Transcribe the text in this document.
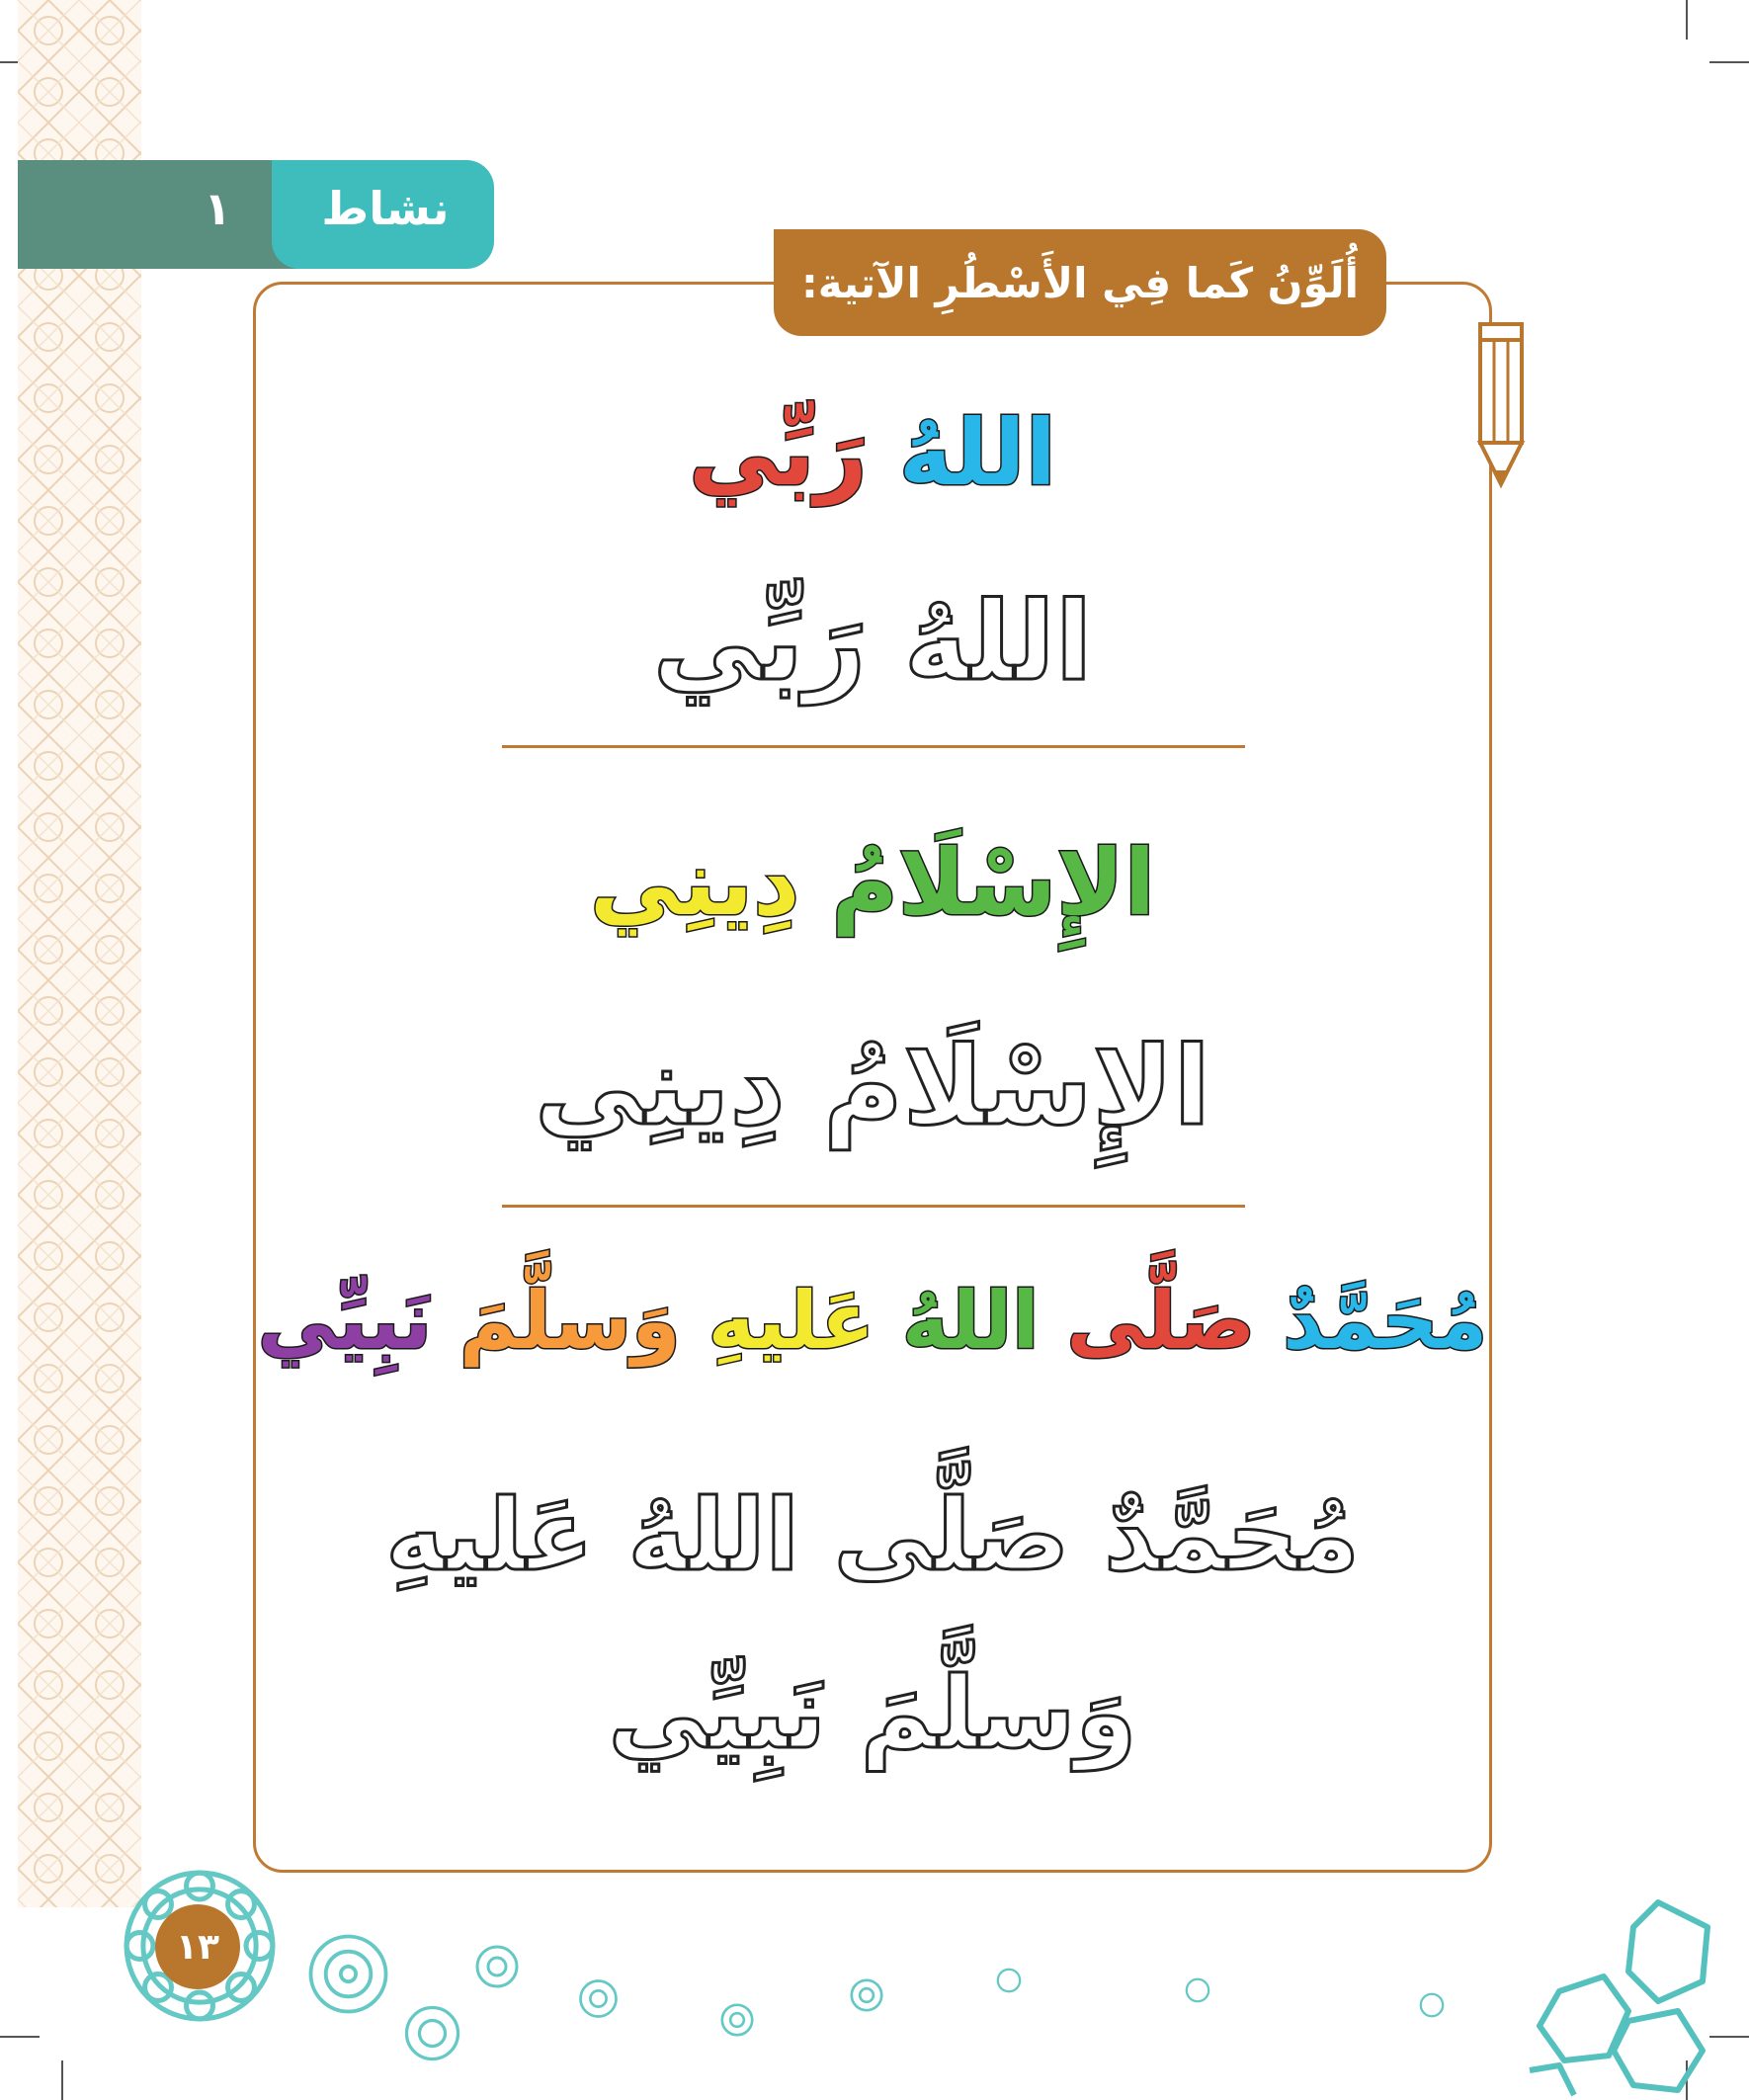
نشاط
١
أُلَوِّنُ كَما فِي الأَسْطُرِ الآتية:
اللهُ رَبِّي
اللهُ رَبِّي
الإِسْلَامُ دِينِي
الإِسْلَامُ دِينِي
مُحَمَّدٌ صَلَّى اللهُ عَليهِ وَسلَّمَ نَبِيِّي
مُحَمَّدٌ صَلَّى اللهُ عَليهِ
وَسلَّمَ نَبِيِّي
١٣
